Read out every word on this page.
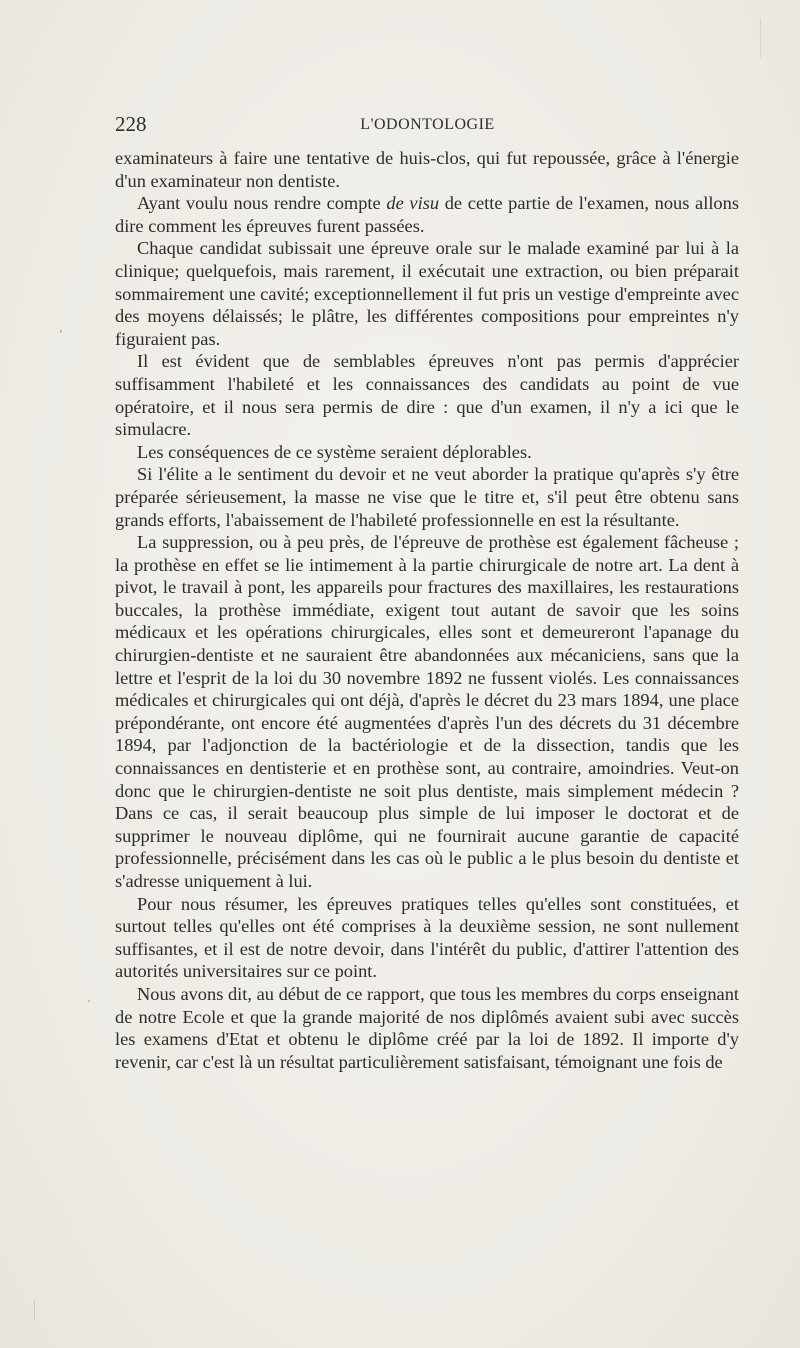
228	L'ODONTOLOGIE

examinateurs à faire une tentative de huis-clos, qui fut repoussée, grâce à l'énergie d'un examinateur non dentiste.

Ayant voulu nous rendre compte de visu de cette partie de l'examen, nous allons dire comment les épreuves furent passées.

Chaque candidat subissait une épreuve orale sur le malade examiné par lui à la clinique; quelquefois, mais rarement, il exécutait une extraction, ou bien préparait sommairement une cavité; exceptionnellement il fut pris un vestige d'empreinte avec des moyens délaissés; le plâtre, les différentes compositions pour empreintes n'y figuraient pas.

Il est évident que de semblables épreuves n'ont pas permis d'apprécier suffisamment l'habileté et les connaissances des candidats au point de vue opératoire, et il nous sera permis de dire : que d'un examen, il n'y a ici que le simulacre.

Les conséquences de ce système seraient déplorables.

Si l'élite a le sentiment du devoir et ne veut aborder la pratique qu'après s'y être préparée sérieusement, la masse ne vise que le titre et, s'il peut être obtenu sans grands efforts, l'abaissement de l'habileté professionnelle en est la résultante.

La suppression, ou à peu près, de l'épreuve de prothèse est également fâcheuse ; la prothèse en effet se lie intimement à la partie chirurgicale de notre art. La dent à pivot, le travail à pont, les appareils pour fractures des maxillaires, les restaurations buccales, la prothèse immédiate, exigent tout autant de savoir que les soins médicaux et les opérations chirurgicales, elles sont et demeureront l'apanage du chirurgien-dentiste et ne sauraient être abandonnées aux mécaniciens, sans que la lettre et l'esprit de la loi du 30 novembre 1892 ne fussent violés. Les connaissances médicales et chirurgicales qui ont déjà, d'après le décret du 23 mars 1894, une place prépondérante, ont encore été augmentées d'après l'un des décrets du 31 décembre 1894, par l'adjonction de la bactériologie et de la dissection, tandis que les connaissances en dentisterie et en prothèse sont, au contraire, amoindries. Veut-on donc que le chirurgien-dentiste ne soit plus dentiste, mais simplement médecin ? Dans ce cas, il serait beaucoup plus simple de lui imposer le doctorat et de supprimer le nouveau diplôme, qui ne fournirait aucune garantie de capacité professionnelle, précisément dans les cas où le public a le plus besoin du dentiste et s'adresse uniquement à lui.

Pour nous résumer, les épreuves pratiques telles qu'elles sont constituées, et surtout telles qu'elles ont été comprises à la deuxième session, ne sont nullement suffisantes, et il est de notre devoir, dans l'intérêt du public, d'attirer l'attention des autorités universitaires sur ce point.

Nous avons dit, au début de ce rapport, que tous les membres du corps enseignant de notre Ecole et que la grande majorité de nos diplômés avaient subi avec succès les examens d'Etat et obtenu le diplôme créé par la loi de 1892. Il importe d'y revenir, car c'est là un résultat particulièrement satisfaisant, témoignant une fois de
